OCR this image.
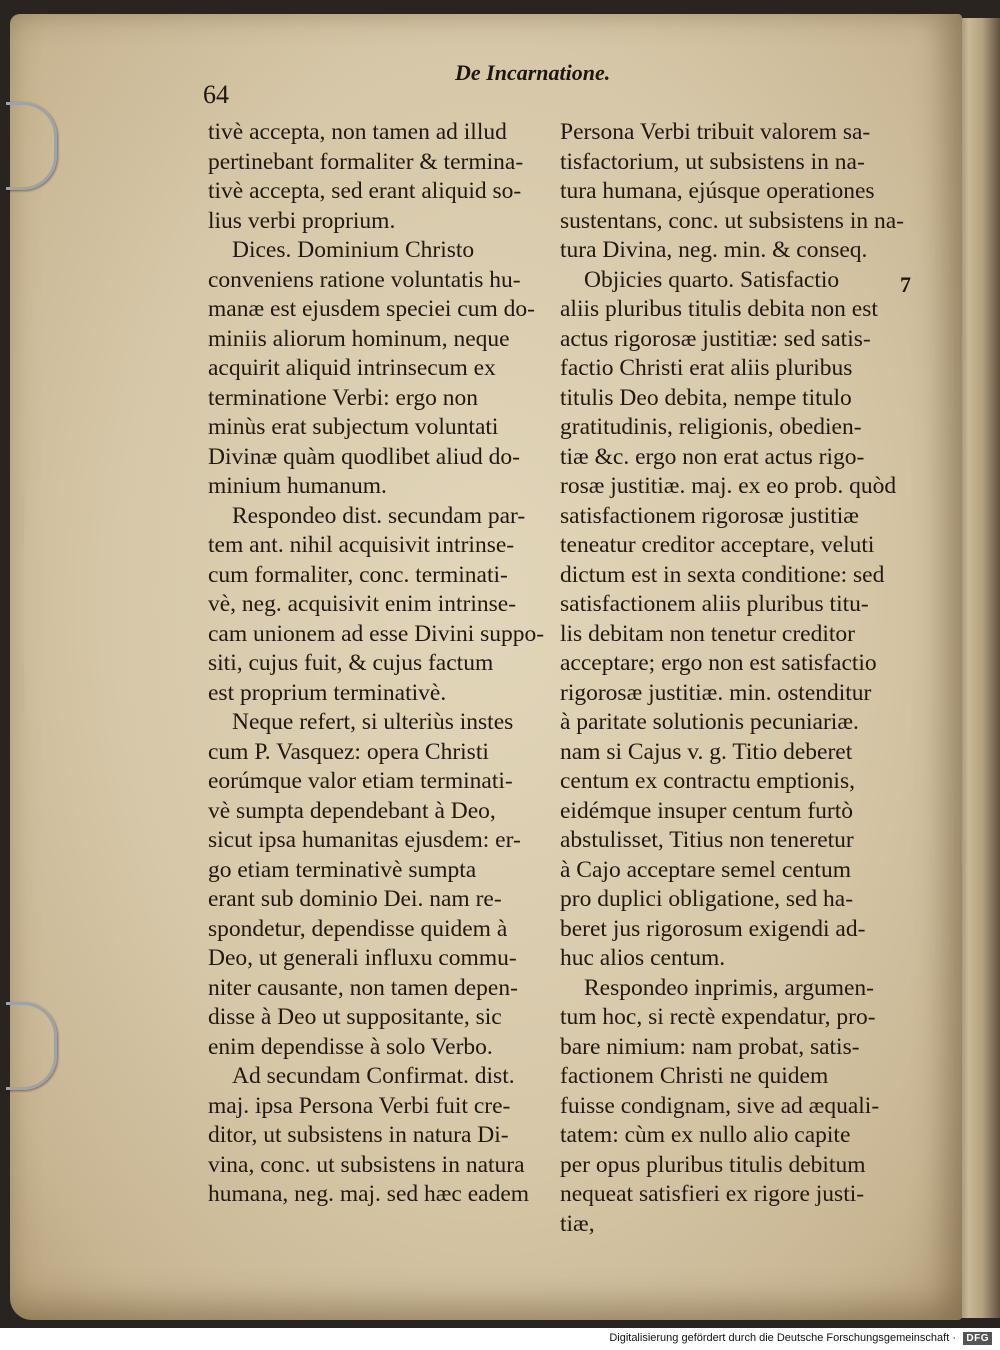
64
De Incarnatione.
7
tivè accepta, non tamen ad illud
pertinebant formaliter & termina-
tivè accepta, sed erant aliquid so-
lius verbi proprium.
Dices. Dominium Christo
conveniens ratione voluntatis hu-
manæ est ejusdem speciei cum do-
miniis aliorum hominum, neque
acquirit aliquid intrinsecum ex
terminatione Verbi: ergo non
minùs erat subjectum voluntati
Divinæ quàm quodlibet aliud do-
minium humanum.
Respondeo dist. secundam par-
tem ant. nihil acquisivit intrinse-
cum formaliter, conc. terminati-
vè, neg. acquisivit enim intrinse-
cam unionem ad esse Divini suppo-
siti, cujus fuit, & cujus factum
est proprium terminativè.
Neque refert, si ulteriùs instes
cum P. Vasquez: opera Christi
eorúmque valor etiam terminati-
vè sumpta dependebant à Deo,
sicut ipsa humanitas ejusdem: er-
go etiam terminativè sumpta
erant sub dominio Dei. nam re-
spondetur, dependisse quidem à
Deo, ut generali influxu commu-
niter causante, non tamen depen-
disse à Deo ut suppositante, sic
enim dependisse à solo Verbo.
Ad secundam Confirmat. dist.
maj. ipsa Persona Verbi fuit cre-
ditor, ut subsistens in natura Di-
vina, conc. ut subsistens in natura
humana, neg. maj. sed hæc eadem
Persona Verbi tribuit valorem sa-
tisfactorium, ut subsistens in na-
tura humana, ejúsque operationes
sustentans, conc. ut subsistens in na-
tura Divina, neg. min. & conseq.
Objicies quarto. Satisfactio
aliis pluribus titulis debita non est
actus rigorosæ justitiæ: sed satis-
factio Christi erat aliis pluribus
titulis Deo debita, nempe titulo
gratitudinis, religionis, obedien-
tiæ &c. ergo non erat actus rigo-
rosæ justitiæ. maj. ex eo prob. quòd
satisfactionem rigorosæ justitiæ
teneatur creditor acceptare, veluti
dictum est in sexta conditione: sed
satisfactionem aliis pluribus titu-
lis debitam non tenetur creditor
acceptare; ergo non est satisfactio
rigorosæ justitiæ. min. ostenditur
à paritate solutionis pecuniariæ.
nam si Cajus v. g. Titio deberet
centum ex contractu emptionis,
eidémque insuper centum furtò
abstulisset, Titius non teneretur
à Cajo acceptare semel centum
pro duplici obligatione, sed ha-
beret jus rigorosum exigendi ad-
huc alios centum.
Respondeo inprimis, argumen-
tum hoc, si rectè expendatur, pro-
bare nimium: nam probat, satis-
factionem Christi ne quidem
fuisse condignam, sive ad æquali-
tatem: cùm ex nullo alio capite
per opus pluribus titulis debitum
nequeat satisfieri ex rigore justi-
tiæ,
Digitalisierung gefördert durch die Deutsche Forschungsgemeinschaft ·	DFG
